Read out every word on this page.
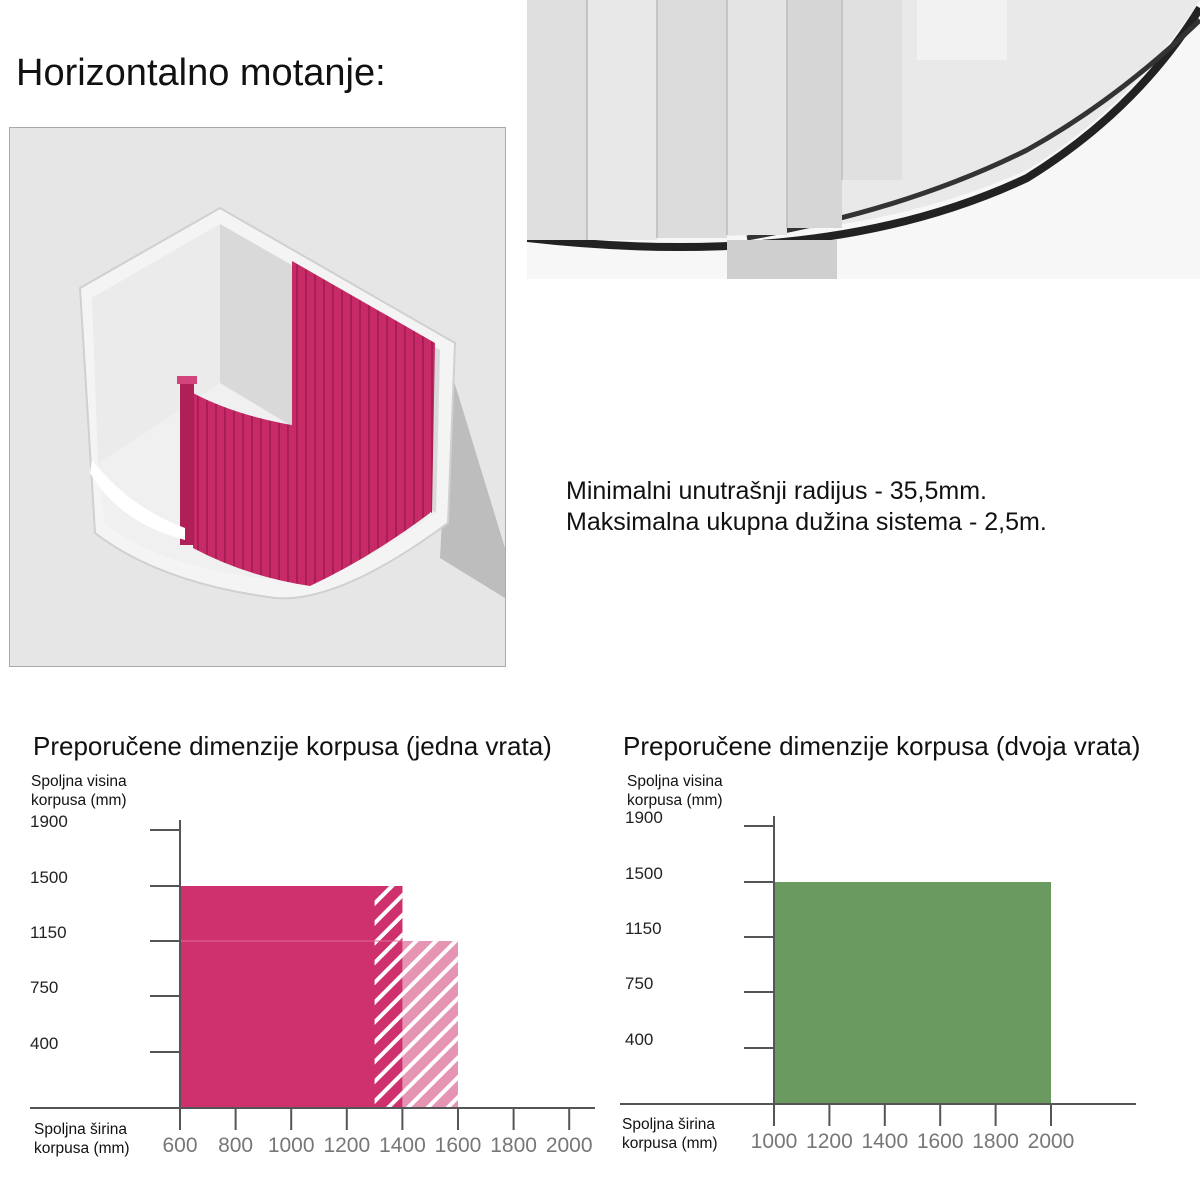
Horizontalno motanje:
Minimalni unutrašnji radijus - 35,5mm.
Maksimalna ukupna dužina sistema - 2,5m.
Preporučene dimenzije korpusa (jedna vrata)
Spoljna visina korpusa (mm)
Spoljna širina korpusa (mm)
1900
1500
1150
750
400
600 800 1000 1200 1400 1600 1800 2000
Preporučene dimenzije korpusa (dvoja vrata)
Spoljna visina korpusa (mm)
Spoljna širina korpusa (mm)
1900
1500
1150
750
400
1000 1200 1400 1600 1800 2000
